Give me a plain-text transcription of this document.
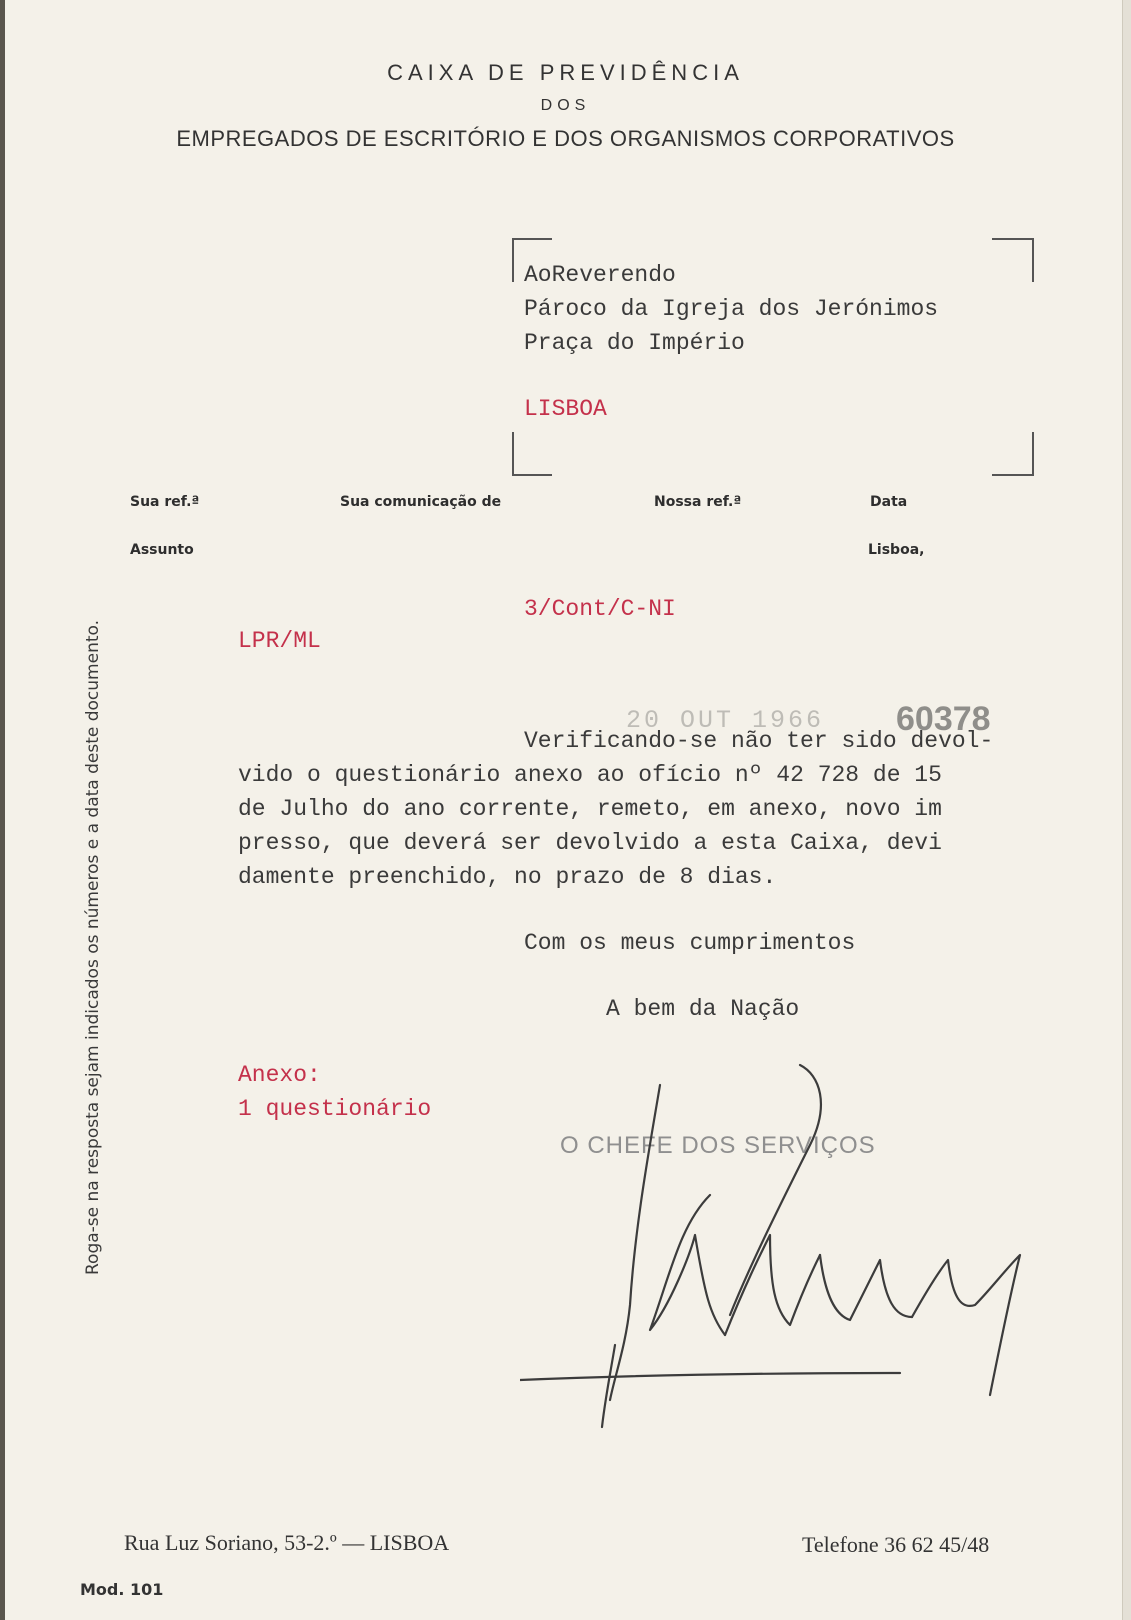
CAIXA DE PREVIDÊNCIA
DOS
EMPREGADOS DE ESCRITÓRIO E DOS ORGANISMOS CORPORATIVOS
AoReverendo
Pároco da Igreja dos Jerónimos
Praça do Império
LISBOA
Roga-se na resposta sejam indicados os números e a data deste documento.
Sua ref.ª	Sua comunicação de	Nossa ref.ª	Data
Assunto	Lisboa,
3/Cont/C-NI
LPR/ML
20 OUT 1966 60378
Verificando-se não ter sido devol-
vido o questionário anexo ao ofício nº 42 728 de 15
de Julho do ano corrente, remeto, em anexo, novo im
presso, que deverá ser devolvido a esta Caixa, devi
damente preenchido, no prazo de 8 dias.
Com os meus cumprimentos
A bem da Nação
Anexo:
1 questionário
O CHEFE DOS SERVIÇOS
Rua Luz Soriano, 53-2.º — LISBOA	Telefone 36 62 45/48
Mod. 101
